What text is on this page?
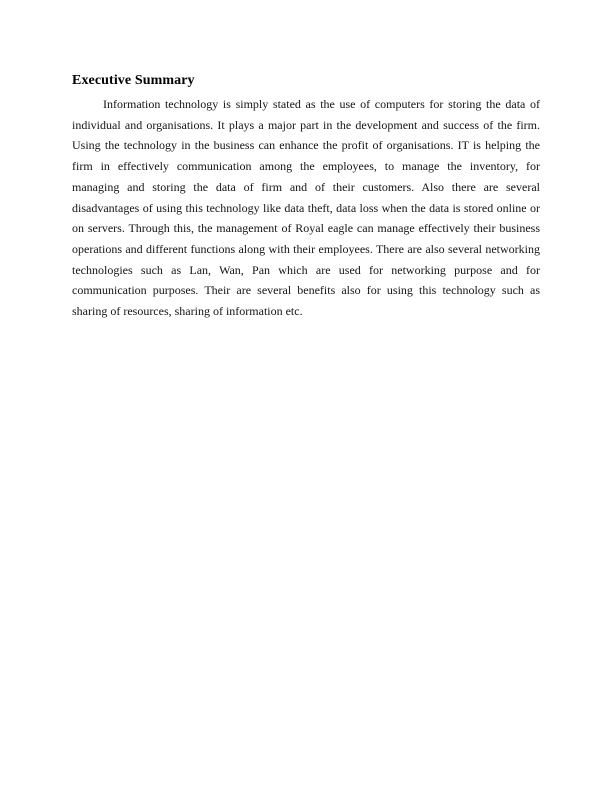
Executive Summary
Information technology is simply stated as the use of computers for storing the data of
individual and organisations. It plays a major part in the development and success of the firm.
Using the technology in the business can enhance the profit of organisations. IT is helping the
firm in effectively communication among the employees, to manage the inventory, for
managing and storing the data of firm and of their customers. Also there are several
disadvantages of using this technology like data theft, data loss when the data is stored online or
on servers. Through this, the management of Royal eagle can manage effectively their business
operations and different functions along with their employees. There are also several networking
technologies such as Lan, Wan, Pan which are used for networking purpose and for
communication purposes. Their are several benefits also for using this technology such as
sharing of resources, sharing of information etc.
